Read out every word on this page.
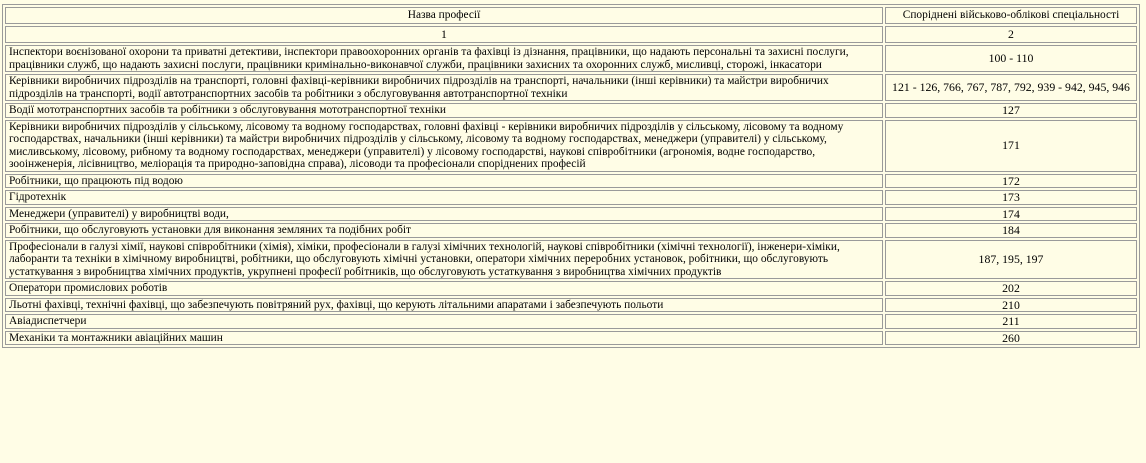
Назва професії	Споріднені військово-облікові спеціальності
1	2
Інспектори воєнізованої охорони та приватні детективи, інспектори правоохоронних органів та фахівці із дізнання, працівники, що надають персональні та захисні послуги, працівники служб, що надають захисні послуги, працівники кримінально-виконавчої служби, працівники захисних та охоронних служб, мисливці, сторожі, інкасатори	100 - 110
Керівники виробничих підрозділів на транспорті, головні фахівці-керівники виробничих підрозділів на транспорті, начальники (інші керівники) та майстри виробничих підрозділів на транспорті, водії автотранспортних засобів та робітники з обслуговування автотранспортної техніки	121 - 126, 766, 767, 787, 792, 939 - 942, 945, 946
Водії мототранспортних засобів та робітники з обслуговування мототранспортної техніки	127
Керівники виробничих підрозділів у сільському, лісовому та водному господарствах, головні фахівці - керівники виробничих підрозділів у сільському, лісовому та водному господарствах, начальники (інші керівники) та майстри виробничих підрозділів у сільському, лісовому та водному господарствах, менеджери (управителі) у сільському, мисливському, лісовому, рибному та водному господарствах, менеджери (управителі) у лісовому господарстві, наукові співробітники (агрономія, водне господарство, зооінженерія, лісівництво, меліорація та природно-заповідна справа), лісоводи та професіонали споріднених професій	171
Робітники, що працюють під водою	172
Гідротехнік	173
Менеджери (управителі) у виробництві води,	174
Робітники, що обслуговують установки для виконання земляних та подібних робіт	184
Професіонали в галузі хімії, наукові співробітники (хімія), хіміки, професіонали в галузі хімічних технологій, наукові співробітники (хімічні технології), інженери-хіміки, лаборанти та техніки в хімічному виробництві, робітники, що обслуговують хімічні установки, оператори хімічних переробних установок, робітники, що обслуговують устаткування з виробництва хімічних продуктів, укрупнені професії робітників, що обслуговують устаткування з виробництва хімічних продуктів	187, 195, 197
Оператори промислових роботів	202
Льотні фахівці, технічні фахівці, що забезпечують повітряний рух, фахівці, що керують літальними апаратами і забезпечують польоти	210
Авіадиспетчери	211
Механіки та монтажники авіаційних машин	260
